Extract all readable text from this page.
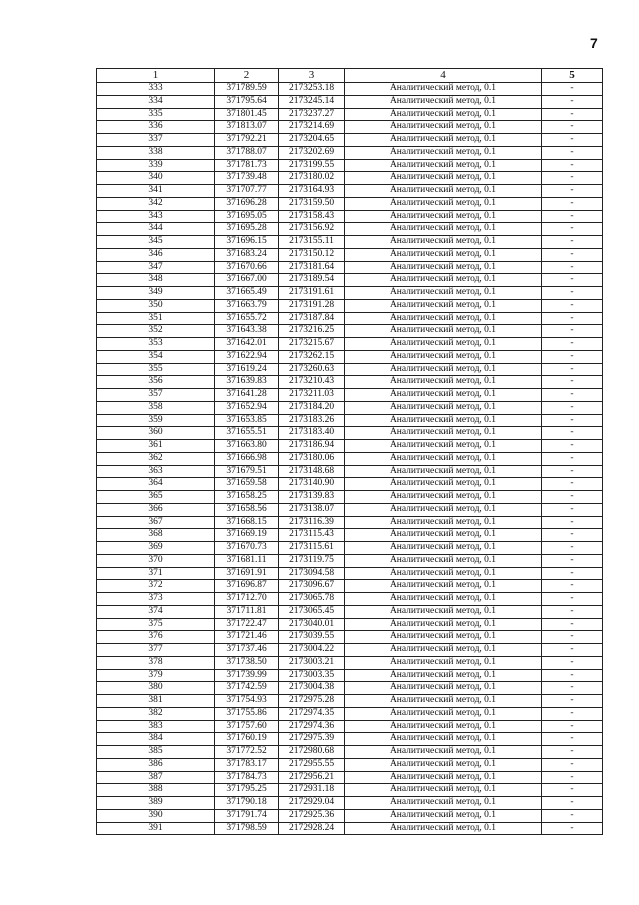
7
1	2	3	4	5
333	371789.59	2173253.18	Аналитический метод, 0.1	-
334	371795.64	2173245.14	Аналитический метод, 0.1	-
335	371801.45	2173237.27	Аналитический метод, 0.1	-
336	371813.07	2173214.69	Аналитический метод, 0.1	-
337	371792.21	2173204.65	Аналитический метод, 0.1	-
338	371788.07	2173202.69	Аналитический метод, 0.1	-
339	371781.73	2173199.55	Аналитический метод, 0.1	-
340	371739.48	2173180.02	Аналитический метод, 0.1	-
341	371707.77	2173164.93	Аналитический метод, 0.1	-
342	371696.28	2173159.50	Аналитический метод, 0.1	-
343	371695.05	2173158.43	Аналитический метод, 0.1	-
344	371695.28	2173156.92	Аналитический метод, 0.1	-
345	371696.15	2173155.11	Аналитический метод, 0.1	-
346	371683.24	2173150.12	Аналитический метод, 0.1	-
347	371670.66	2173181.64	Аналитический метод, 0.1	-
348	371667.00	2173189.54	Аналитический метод, 0.1	-
349	371665.49	2173191.61	Аналитический метод, 0.1	-
350	371663.79	2173191.28	Аналитический метод, 0.1	-
351	371655.72	2173187.84	Аналитический метод, 0.1	-
352	371643.38	2173216.25	Аналитический метод, 0.1	-
353	371642.01	2173215.67	Аналитический метод, 0.1	-
354	371622.94	2173262.15	Аналитический метод, 0.1	-
355	371619.24	2173260.63	Аналитический метод, 0.1	-
356	371639.83	2173210.43	Аналитический метод, 0.1	-
357	371641.28	2173211.03	Аналитический метод, 0.1	-
358	371652.94	2173184.20	Аналитический метод, 0.1	-
359	371653.85	2173183.26	Аналитический метод, 0.1	-
360	371655.51	2173183.40	Аналитический метод, 0.1	-
361	371663.80	2173186.94	Аналитический метод, 0.1	-
362	371666.98	2173180.06	Аналитический метод, 0.1	-
363	371679.51	2173148.68	Аналитический метод, 0.1	-
364	371659.58	2173140.90	Аналитический метод, 0.1	-
365	371658.25	2173139.83	Аналитический метод, 0.1	-
366	371658.56	2173138.07	Аналитический метод, 0.1	-
367	371668.15	2173116.39	Аналитический метод, 0.1	-
368	371669.19	2173115.43	Аналитический метод, 0.1	-
369	371670.73	2173115.61	Аналитический метод, 0.1	-
370	371681.11	2173119.75	Аналитический метод, 0.1	-
371	371691.91	2173094.58	Аналитический метод, 0.1	-
372	371696.87	2173096.67	Аналитический метод, 0.1	-
373	371712.70	2173065.78	Аналитический метод, 0.1	-
374	371711.81	2173065.45	Аналитический метод, 0.1	-
375	371722.47	2173040.01	Аналитический метод, 0.1	-
376	371721.46	2173039.55	Аналитический метод, 0.1	-
377	371737.46	2173004.22	Аналитический метод, 0.1	-
378	371738.50	2173003.21	Аналитический метод, 0.1	-
379	371739.99	2173003.35	Аналитический метод, 0.1	-
380	371742.59	2173004.38	Аналитический метод, 0.1	-
381	371754.93	2172975.28	Аналитический метод, 0.1	-
382	371755.86	2172974.35	Аналитический метод, 0.1	-
383	371757.60	2172974.36	Аналитический метод, 0.1	-
384	371760.19	2172975.39	Аналитический метод, 0.1	-
385	371772.52	2172980.68	Аналитический метод, 0.1	-
386	371783.17	2172955.55	Аналитический метод, 0.1	-
387	371784.73	2172956.21	Аналитический метод, 0.1	-
388	371795.25	2172931.18	Аналитический метод, 0.1	-
389	371790.18	2172929.04	Аналитический метод, 0.1	-
390	371791.74	2172925.36	Аналитический метод, 0.1	-
391	371798.59	2172928.24	Аналитический метод, 0.1	-
